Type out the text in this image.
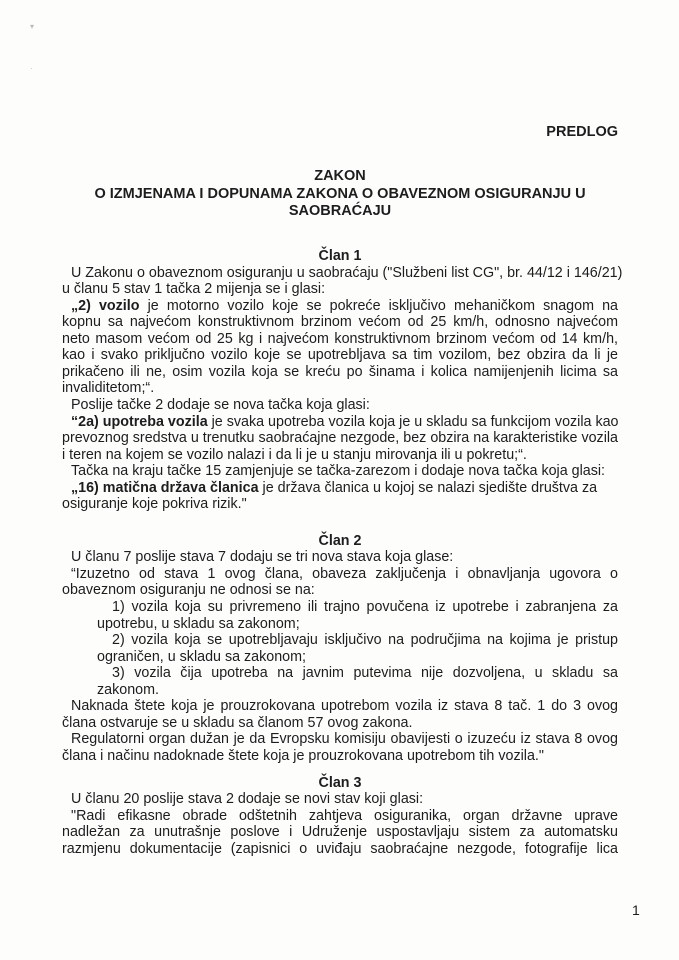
▾
·
PREDLOG
ZAKON
O IZMJENAMA I DOPUNAMA ZAKONA O OBAVEZNOM OSIGURANJU U
SAOBRAĆAJU
Član 1
U Zakonu o obaveznom osiguranju u saobraćaju ("Službeni list CG", br. 44/12 i 146/21)
u članu 5 stav 1 tačka 2 mijenja se i glasi:
„2) vozilo je motorno vozilo koje se pokreće isključivo mehaničkom snagom na
kopnu sa najvećom konstruktivnom brzinom većom od 25 km/h, odnosno najvećom
neto masom većom od 25 kg i najvećom konstruktivnom brzinom većom od 14 km/h,
kao i svako priključno vozilo koje se upotrebljava sa tim vozilom, bez obzira da li je
prikačeno ili ne, osim vozila koja se kreću po šinama i kolica namijenjenih licima sa
invaliditetom;“.
Poslije tačke 2 dodaje se nova tačka koja glasi:
“2a) upotreba vozila je svaka upotreba vozila koja je u skladu sa funkcijom vozila kao
prevoznog sredstva u trenutku saobraćajne nezgode, bez obzira na karakteristike vozila
i teren na kojem se vozilo nalazi i da li je u stanju mirovanja ili u pokretu;“.
Tačka na kraju tačke 15 zamjenjuje se tačka-zarezom i dodaje nova tačka koja glasi:
„16) matična država članica je država članica u kojoj se nalazi sjedište društva za
osiguranje koje pokriva rizik."
Član 2
U članu 7 poslije stava 7 dodaju se tri nova stava koja glase:
“Izuzetno od stava 1 ovog člana, obaveza zaključenja i obnavljanja ugovora o
obaveznom osiguranju ne odnosi se na:
1) vozila koja su privremeno ili trajno povučena iz upotrebe i zabranjena za
upotrebu, u skladu sa zakonom;
2) vozila koja se upotrebljavaju isključivo na područjima na kojima je pristup
ograničen, u skladu sa zakonom;
3) vozila čija upotreba na javnim putevima nije dozvoljena, u skladu sa
zakonom.
Naknada štete koja je prouzrokovana upotrebom vozila iz stava 8 tač. 1 do 3 ovog
člana ostvaruje se u skladu sa članom 57 ovog zakona.
Regulatorni organ dužan je da Evropsku komisiju obavijesti o izuzeću iz stava 8 ovog
člana i načinu nadoknade štete koja je prouzrokovana upotrebom tih vozila."
Član 3
U članu 20 poslije stava 2 dodaje se novi stav koji glasi:
"Radi efikasne obrade odštetnih zahtjeva osiguranika, organ državne uprave
nadležan za unutrašnje poslove i Udruženje uspostavljaju sistem za automatsku
razmjenu dokumentacije (zapisnici o uviđaju saobraćajne nezgode, fotografije lica
1
